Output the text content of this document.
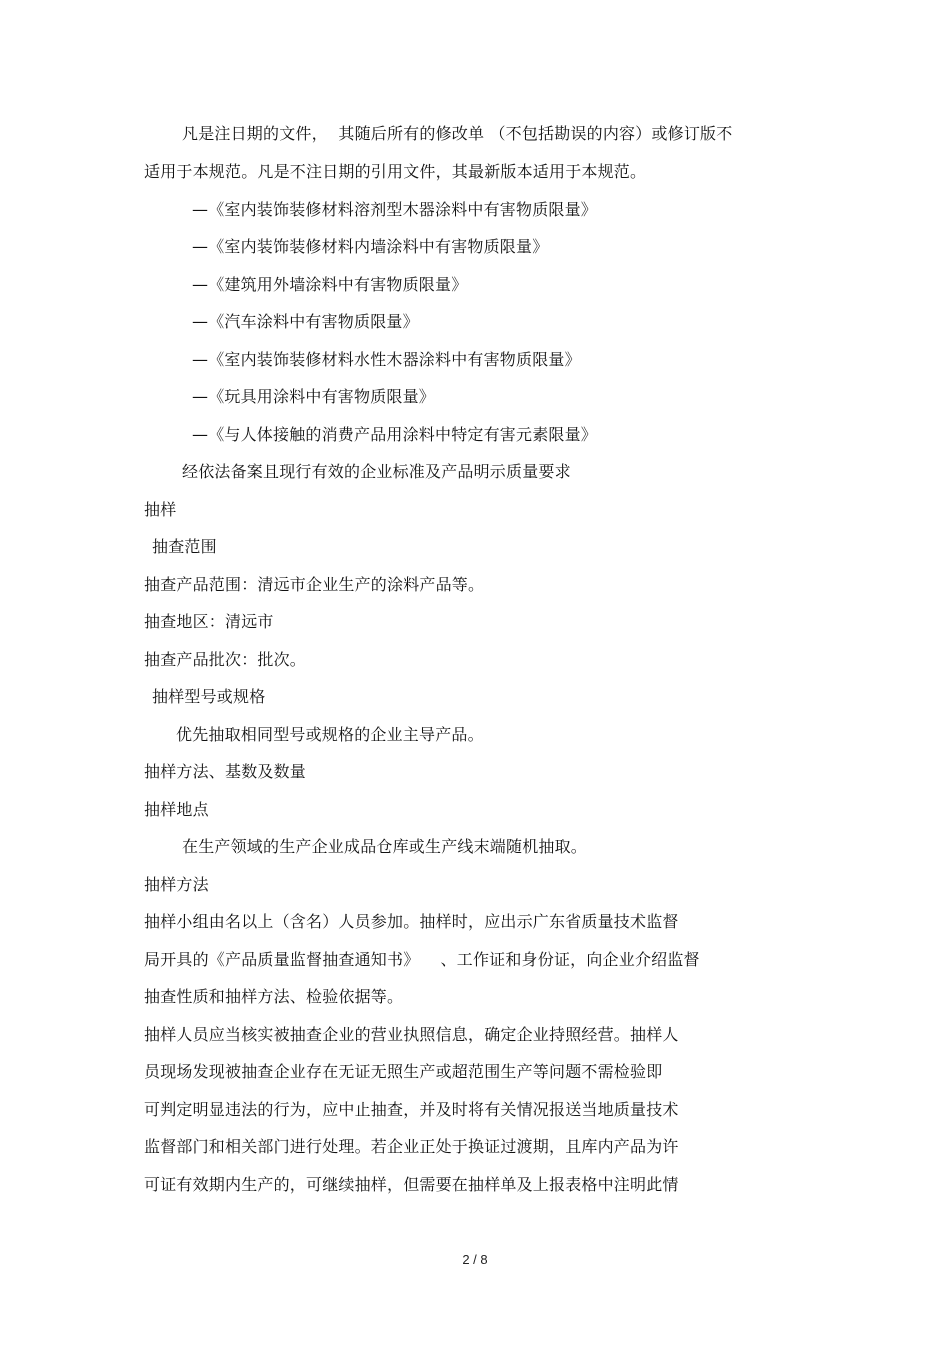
凡是注日期的文件，  其随后所有的修改单 （不包括勘误的内容）或修订版不
适用于本规范。凡是不注日期的引用文件，其最新版本适用于本规范。
—《室内装饰装修材料溶剂型木器涂料中有害物质限量》
—《室内装饰装修材料内墙涂料中有害物质限量》
—《建筑用外墙涂料中有害物质限量》
—《汽车涂料中有害物质限量》
—《室内装饰装修材料水性木器涂料中有害物质限量》
—《玩具用涂料中有害物质限量》
—《与人体接触的消费产品用涂料中特定有害元素限量》
经依法备案且现行有效的企业标准及产品明示质量要求
抽样
抽查范围
抽查产品范围：清远市企业生产的涂料产品等。
抽查地区：清远市
抽查产品批次：批次。
抽样型号或规格
优先抽取相同型号或规格的企业主导产品。
抽样方法、基数及数量
抽样地点
在生产领域的生产企业成品仓库或生产线末端随机抽取。
抽样方法
抽样小组由名以上（含名）人员参加。抽样时，应出示广东省质量技术监督
局开具的《产品质量监督抽查通知书》    、工作证和身份证，向企业介绍监督
抽查性质和抽样方法、检验依据等。
抽样人员应当核实被抽查企业的营业执照信息，确定企业持照经营。抽样人
员现场发现被抽查企业存在无证无照生产或超范围生产等问题不需检验即
可判定明显违法的行为，应中止抽查，并及时将有关情况报送当地质量技术
监督部门和相关部门进行处理。若企业正处于换证过渡期，且库内产品为许
可证有效期内生产的，可继续抽样，但需要在抽样单及上报表格中注明此情
2 / 8
